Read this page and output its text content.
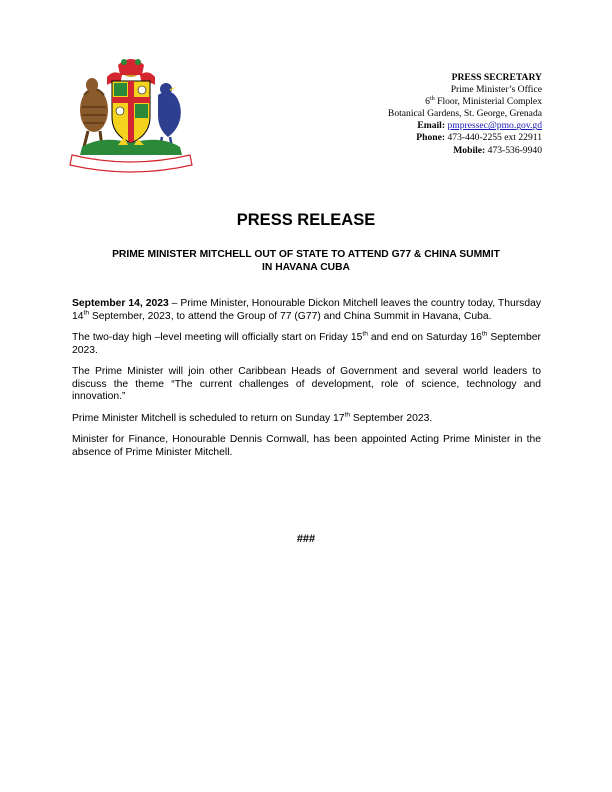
PRESS SECRETARY
Prime Minister’s Office
6th Floor, Ministerial Complex
Botanical Gardens, St. George, Grenada
Email: pmpressec@pmo.gov.gd
Phone: 473-440-2255 ext 22911
Mobile: 473-536-9940
PRESS RELEASE
PRIME MINISTER MITCHELL OUT OF STATE TO ATTEND G77 & CHINA SUMMIT
IN HAVANA CUBA

September 14, 2023 – Prime Minister, Honourable Dickon Mitchell leaves the country today, Thursday 14th September, 2023, to attend the Group of 77 (G77) and China Summit in Havana, Cuba.

The two-day high –level meeting will officially start on Friday 15th and end on Saturday 16th September 2023.

The Prime Minister will join other Caribbean Heads of Government and several world leaders to discuss the theme “The current challenges of development, role of science, technology and innovation.”

Prime Minister Mitchell is scheduled to return on Sunday 17th September 2023.

Minister for Finance, Honourable Dennis Cornwall, has been appointed Acting Prime Minister in the absence of Prime Minister Mitchell.

###
